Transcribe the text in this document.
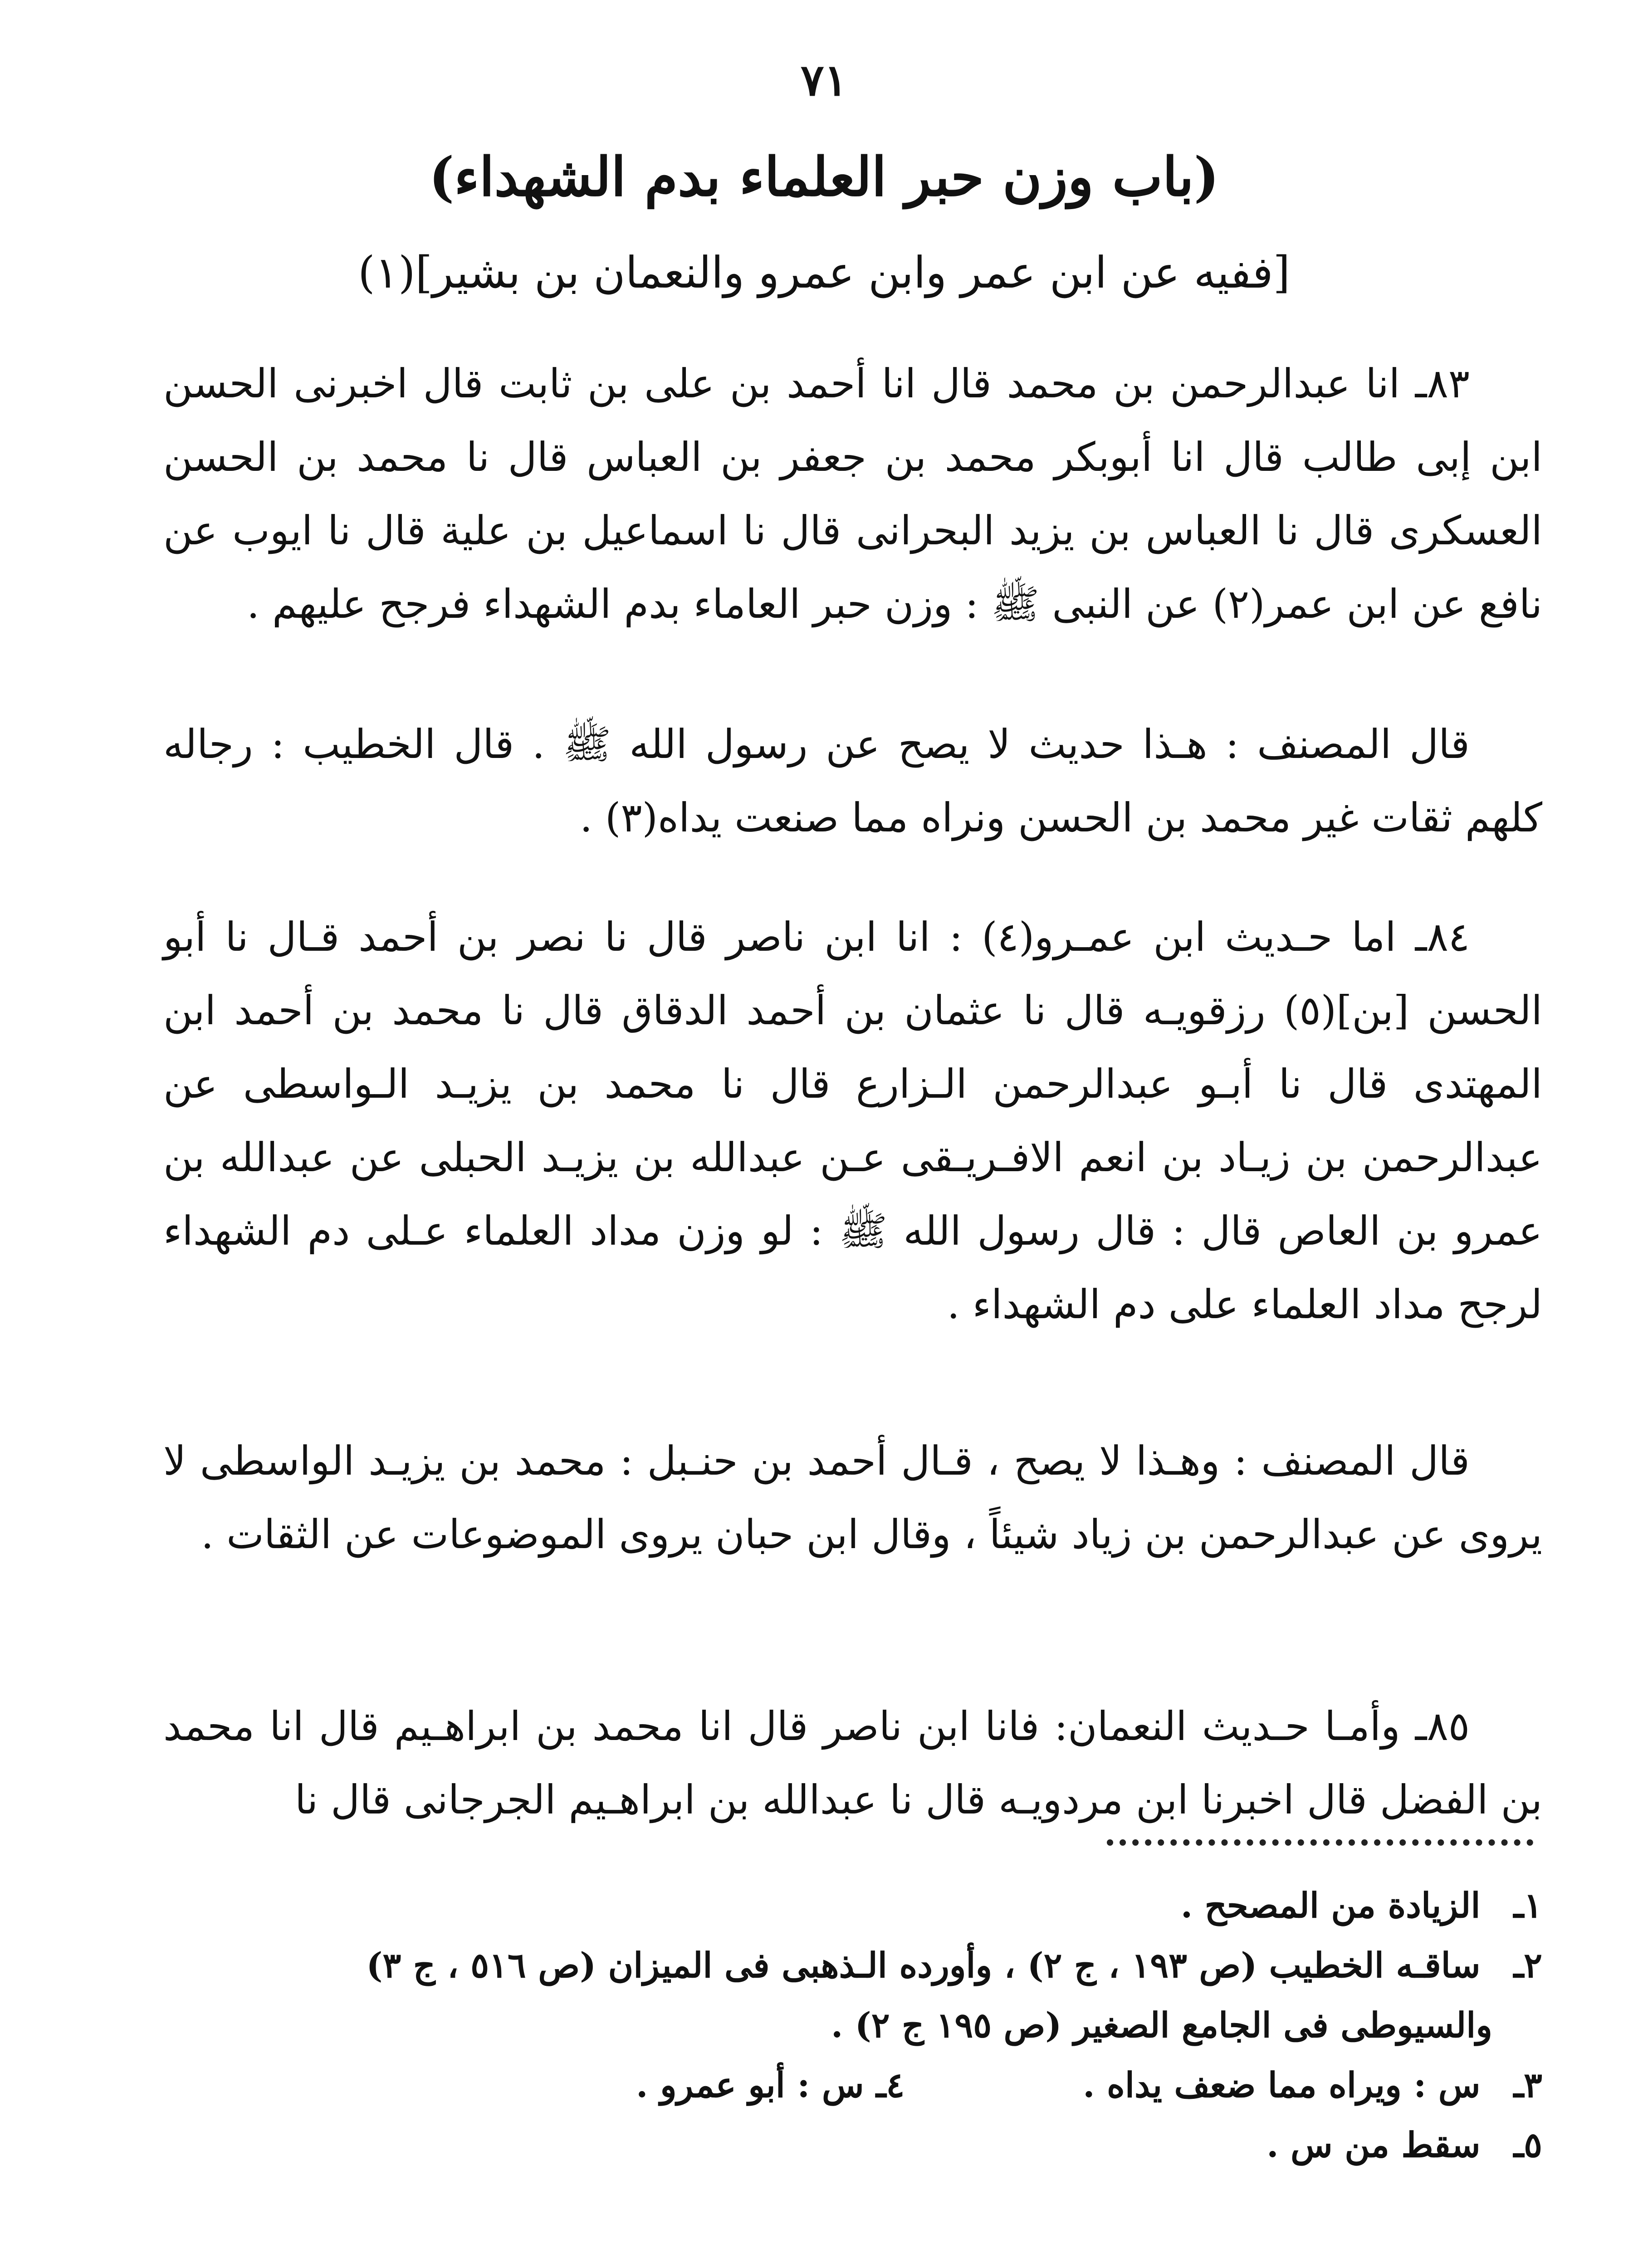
٧١
(باب وزن حبر العلماء بدم الشهداء)
[ففيه عن ابن عمر وابن عمرو والنعمان بن بشير](١)

٨٣ـ انا عبدالرحمن بن محمد قال انا أحمد بن على بن ثابت قال اخبرنى الحسن ابن إبى طالب قال انا أبوبكر محمد بن جعفر بن العباس قال نا محمد بن الحسن العسكرى قال نا العباس بن يزيد البحرانى قال نا اسماعيل بن علية قال نا ايوب عن نافع عن ابن عمر(٢) عن النبى ﷺ : وزن حبر العاماء بدم الشهداء فرجح عليهم .

قال المصنف : هـذا حديث لا يصح عن رسول الله ﷺ . قال الخطيب : رجاله كلهم ثقات غير محمد بن الحسن ونراه مما صنعت يداه(٣) .

٨٤ـ اما حـديث ابن عمـرو(٤) : انا ابن ناصر قال نا نصر بن أحمد قـال نا أبو الحسن [بن](٥) رزقويـه قال نا عثمان بن أحمد الدقاق قال نا محمد بن أحمد ابن المهتدى قال نا أبـو عبدالرحمن الـزارع قال نا محمد بن يزيـد الـواسطى عن عبدالرحمن بن زيـاد بن انعم الافـريـقى عـن عبدالله بن يزيـد الحبلى عن عبدالله بن عمرو بن العاص قال : قال رسول الله ﷺ : لو وزن مداد العلماء عـلى دم الشهداء لرجح مداد العلماء على دم الشهداء .

قال المصنف : وهـذا لا يصح ، قـال أحمد بن حنـبل : محمد بن يزيـد الواسطى لا يروى عن عبدالرحمن بن زياد شيئاً ، وقال ابن حبان يروى الموضوعات عن الثقات .

٨٥ـ وأمـا حـديث النعمان: فانا ابن ناصر قال انا محمد بن ابراهـيم قال انا محمد بن الفضل قال اخبرنا ابن مردويـه قال نا عبدالله بن ابراهـيم الجرجانى قال نا

١ـ الزيادة من المصحح .
٢ـ ساقـه الخطيب (ص ١٩٣ ، ج ٢) ، وأورده الـذهبى فى الميزان (ص ٥١٦ ، ج ٣)
والسيوطى فى الجامع الصغير (ص ١٩٥ ج ٢) .
٣ـ س : ويراه مما ضعف يداه .  ٤ـ س : أبو عمرو .
٥ـ سقط من س .
